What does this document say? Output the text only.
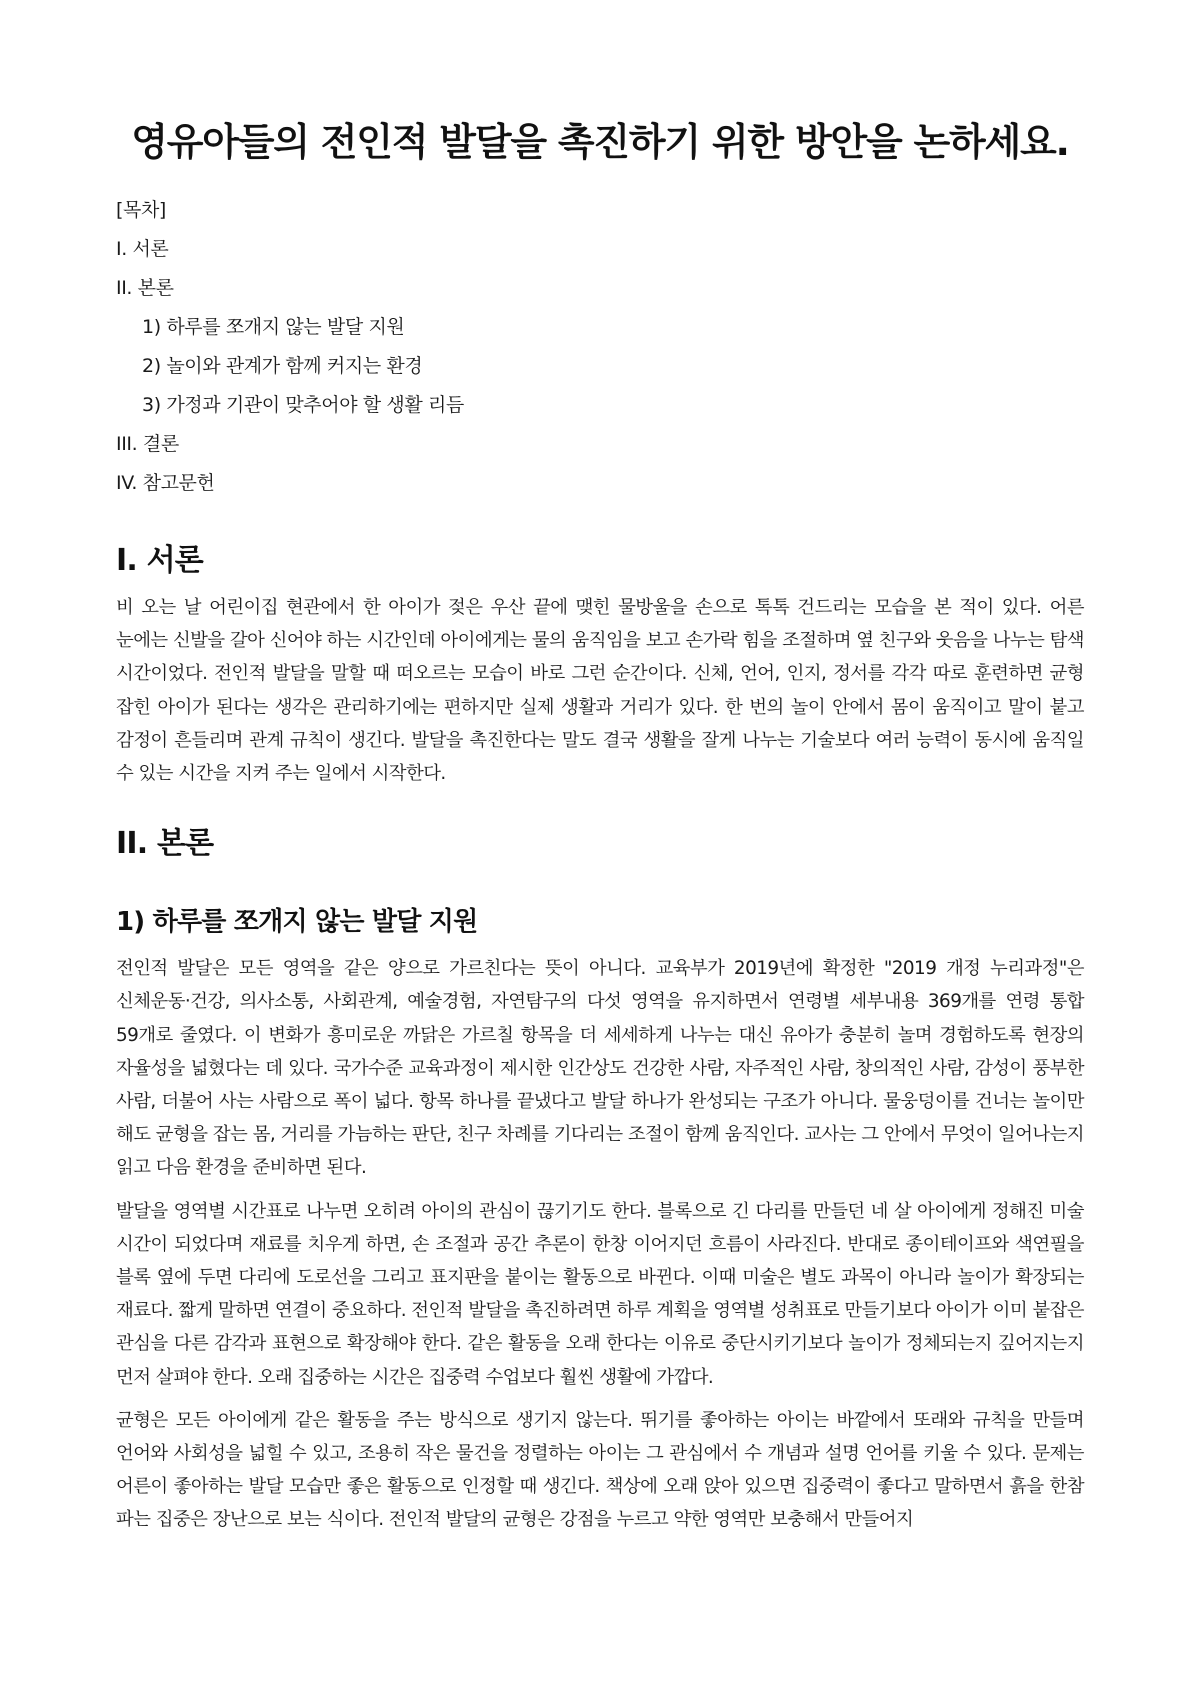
영유아들의 전인적 발달을 촉진하기 위한 방안을 논하세요.
[목차]
I. 서론
II. 본론
1) 하루를 쪼개지 않는 발달 지원
2) 놀이와 관계가 함께 커지는 환경
3) 가정과 기관이 맞추어야 할 생활 리듬
III. 결론
IV. 참고문헌
I. 서론

비 오는 날 어린이집 현관에서 한 아이가 젖은 우산 끝에 맺힌 물방울을 손으로 톡톡 건드리는 모습을 본 적이 있다. 어른 눈에는 신발을 갈아 신어야 하는 시간인데 아이에게는 물의 움직임을 보고 손가락 힘을 조절하며 옆 친구와 웃음을 나누는 탐색 시간이었다. 전인적 발달을 말할 때 떠오르는 모습이 바로 그런 순간이다. 신체, 언어, 인지, 정서를 각각 따로 훈련하면 균형 잡힌 아이가 된다는 생각은 관리하기에는 편하지만 실제 생활과 거리가 있다. 한 번의 놀이 안에서 몸이 움직이고 말이 붙고 감정이 흔들리며 관계 규칙이 생긴다. 발달을 촉진한다는 말도 결국 생활을 잘게 나누는 기술보다 여러 능력이 동시에 움직일 수 있는 시간을 지켜 주는 일에서 시작한다.

II. 본론
1) 하루를 쪼개지 않는 발달 지원

전인적 발달은 모든 영역을 같은 양으로 가르친다는 뜻이 아니다. 교육부가 2019년에 확정한 "2019 개정 누리과정"은 신체운동·건강, 의사소통, 사회관계, 예술경험, 자연탐구의 다섯 영역을 유지하면서 연령별 세부내용 369개를 연령 통합 59개로 줄였다. 이 변화가 흥미로운 까닭은 가르칠 항목을 더 세세하게 나누는 대신 유아가 충분히 놀며 경험하도록 현장의 자율성을 넓혔다는 데 있다. 국가수준 교육과정이 제시한 인간상도 건강한 사람, 자주적인 사람, 창의적인 사람, 감성이 풍부한 사람, 더불어 사는 사람으로 폭이 넓다. 항목 하나를 끝냈다고 발달 하나가 완성되는 구조가 아니다. 물웅덩이를 건너는 놀이만 해도 균형을 잡는 몸, 거리를 가늠하는 판단, 친구 차례를 기다리는 조절이 함께 움직인다. 교사는 그 안에서 무엇이 일어나는지 읽고 다음 환경을 준비하면 된다.

발달을 영역별 시간표로 나누면 오히려 아이의 관심이 끊기기도 한다. 블록으로 긴 다리를 만들던 네 살 아이에게 정해진 미술 시간이 되었다며 재료를 치우게 하면, 손 조절과 공간 추론이 한창 이어지던 흐름이 사라진다. 반대로 종이테이프와 색연필을 블록 옆에 두면 다리에 도로선을 그리고 표지판을 붙이는 활동으로 바뀐다. 이때 미술은 별도 과목이 아니라 놀이가 확장되는 재료다. 짧게 말하면 연결이 중요하다. 전인적 발달을 촉진하려면 하루 계획을 영역별 성취표로 만들기보다 아이가 이미 붙잡은 관심을 다른 감각과 표현으로 확장해야 한다. 같은 활동을 오래 한다는 이유로 중단시키기보다 놀이가 정체되는지 깊어지는지 먼저 살펴야 한다. 오래 집중하는 시간은 집중력 수업보다 훨씬 생활에 가깝다.

균형은 모든 아이에게 같은 활동을 주는 방식으로 생기지 않는다. 뛰기를 좋아하는 아이는 바깥에서 또래와 규칙을 만들며 언어와 사회성을 넓힐 수 있고, 조용히 작은 물건을 정렬하는 아이는 그 관심에서 수 개념과 설명 언어를 키울 수 있다. 문제는 어른이 좋아하는 발달 모습만 좋은 활동으로 인정할 때 생긴다. 책상에 오래 앉아 있으면 집중력이 좋다고 말하면서 흙을 한참 파는 집중은 장난으로 보는 식이다. 전인적 발달의 균형은 강점을 누르고 약한 영역만 보충해서 만들어지
